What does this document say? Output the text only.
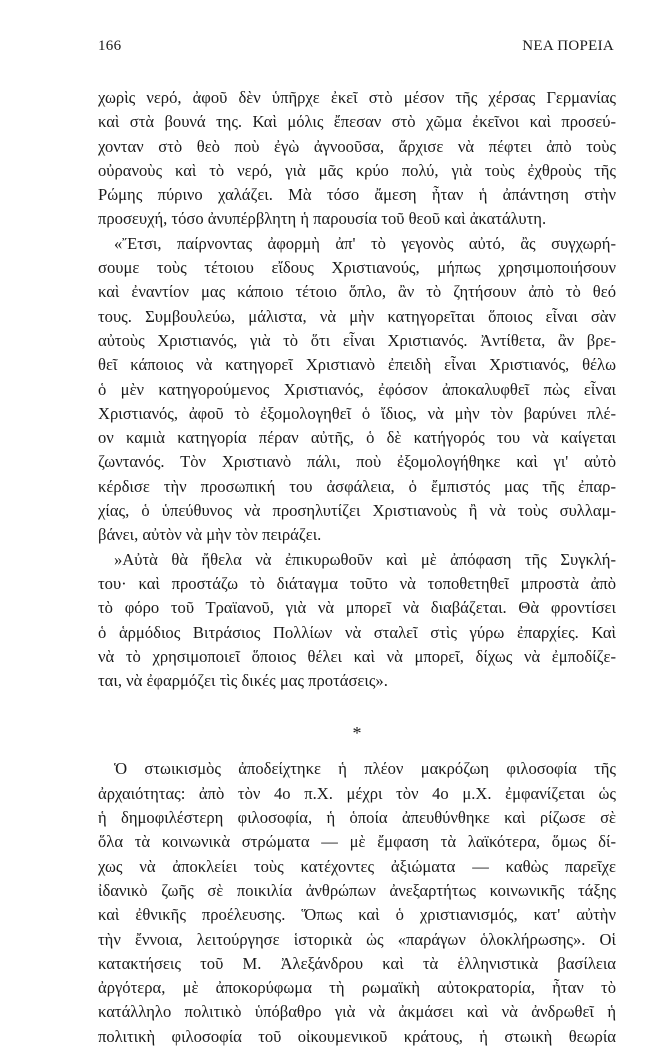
166	ΝΕΑ ΠΟΡΕΙΑ
χωρὶς νερό, ἀφοῦ δὲν ὑπῆρχε ἐκεῖ στὸ μέσον τῆς χέρσας Γερμανίας
καὶ στὰ βουνά της. Καὶ μόλις ἔπεσαν στὸ χῶμα ἐκεῖνοι καὶ προσεύ-
χονταν στὸ θεὸ ποὺ ἐγὼ ἀγνοοῦσα, ἄρχισε νὰ πέφτει ἀπὸ τοὺς
οὐρανοὺς καὶ τὸ νερό, γιὰ μᾶς κρύο πολύ, γιὰ τοὺς ἐχθροὺς τῆς
Ρώμης πύρινο χαλάζει. Μὰ τόσο ἄμεση ἦταν ἡ ἀπάντηση στὴν
προσευχή, τόσο ἀνυπέρβλητη ἡ παρουσία τοῦ θεοῦ καὶ ἀκατάλυτη.
«Ἔτσι, παίρνοντας ἀφορμὴ ἀπ' τὸ γεγονὸς αὐτό, ἂς συγχωρή-
σουμε τοὺς τέτοιου εἴδους Χριστιανούς, μήπως χρησιμοποιήσουν
καὶ ἐναντίον μας κάποιο τέτοιο ὅπλο, ἂν τὸ ζητήσουν ἀπὸ τὸ θεό
τους. Συμβουλεύω, μάλιστα, νὰ μὴν κατηγορεῖται ὅποιος εἶναι σὰν
αὐτοὺς Χριστιανός, γιὰ τὸ ὅτι εἶναι Χριστιανός. Ἀντίθετα, ἂν βρε-
θεῖ κάποιος νὰ κατηγορεῖ Χριστιανὸ ἐπειδὴ εἶναι Χριστιανός, θέλω
ὁ μὲν κατηγορούμενος Χριστιανός, ἐφόσον ἀποκαλυφθεῖ πὼς εἶναι
Χριστιανός, ἀφοῦ τὸ ἐξομολογηθεῖ ὁ ἴδιος, νὰ μὴν τὸν βαρύνει πλέ-
ον καμιὰ κατηγορία πέραν αὐτῆς, ὁ δὲ κατήγορός του νὰ καίγεται
ζωντανός. Τὸν Χριστιανὸ πάλι, ποὺ ἐξομολογήθηκε καὶ γι' αὐτὸ
κέρδισε τὴν προσωπική του ἀσφάλεια, ὁ ἔμπιστός μας τῆς ἐπαρ-
χίας, ὁ ὑπεύθυνος νὰ προσηλυτίζει Χριστιανοὺς ἢ νὰ τοὺς συλλαμ-
βάνει, αὐτὸν νὰ μὴν τὸν πειράζει.
»Αὐτὰ θὰ ἤθελα νὰ ἐπικυρωθοῦν καὶ μὲ ἀπόφαση τῆς Συγκλή-
του· καὶ προστάζω τὸ διάταγμα τοῦτο νὰ τοποθετηθεῖ μπροστὰ ἀπὸ
τὸ φόρο τοῦ Τραϊανοῦ, γιὰ νὰ μπορεῖ νὰ διαβάζεται. Θὰ φροντίσει
ὁ ἁρμόδιος Βιτράσιος Πολλίων νὰ σταλεῖ στὶς γύρω ἐπαρχίες. Καὶ
νὰ τὸ χρησιμοποιεῖ ὅποιος θέλει καὶ νὰ μπορεῖ, δίχως νὰ ἐμποδίζε-
ται, νὰ ἐφαρμόζει τὶς δικές μας προτάσεις».
*
Ὁ στωικισμὸς ἀποδείχτηκε ἡ πλέον μακρόζωη φιλοσοφία τῆς
ἀρχαιότητας: ἀπὸ τὸν 4ο π.Χ. μέχρι τὸν 4ο μ.Χ. ἐμφανίζεται ὡς
ἡ δημοφιλέστερη φιλοσοφία, ἡ ὁποία ἀπευθύνθηκε καὶ ρίζωσε σὲ
ὅλα τὰ κοινωνικὰ στρώματα — μὲ ἔμφαση τὰ λαϊκότερα, ὅμως δί-
χως νὰ ἀποκλείει τοὺς κατέχοντες ἀξιώματα — καθὼς παρεῖχε
ἰδανικὸ ζωῆς σὲ ποικιλία ἀνθρώπων ἀνεξαρτήτως κοινωνικῆς τάξης
καὶ ἐθνικῆς προέλευσης. Ὅπως καὶ ὁ χριστιανισμός, κατ' αὐτὴν
τὴν ἔννοια, λειτούργησε ἱστορικὰ ὡς «παράγων ὁλοκλήρωσης». Οἱ
κατακτήσεις τοῦ Μ. Ἀλεξάνδρου καὶ τὰ ἑλληνιστικὰ βασίλεια
ἀργότερα, μὲ ἀποκορύφωμα τὴ ρωμαϊκὴ αὐτοκρατορία, ἦταν τὸ
κατάλληλο πολιτικὸ ὑπόβαθρο γιὰ νὰ ἀκμάσει καὶ νὰ ἀνδρωθεῖ ἡ
πολιτικὴ φιλοσοφία τοῦ οἰκουμενικοῦ κράτους, ἡ στωικὴ θεωρία
